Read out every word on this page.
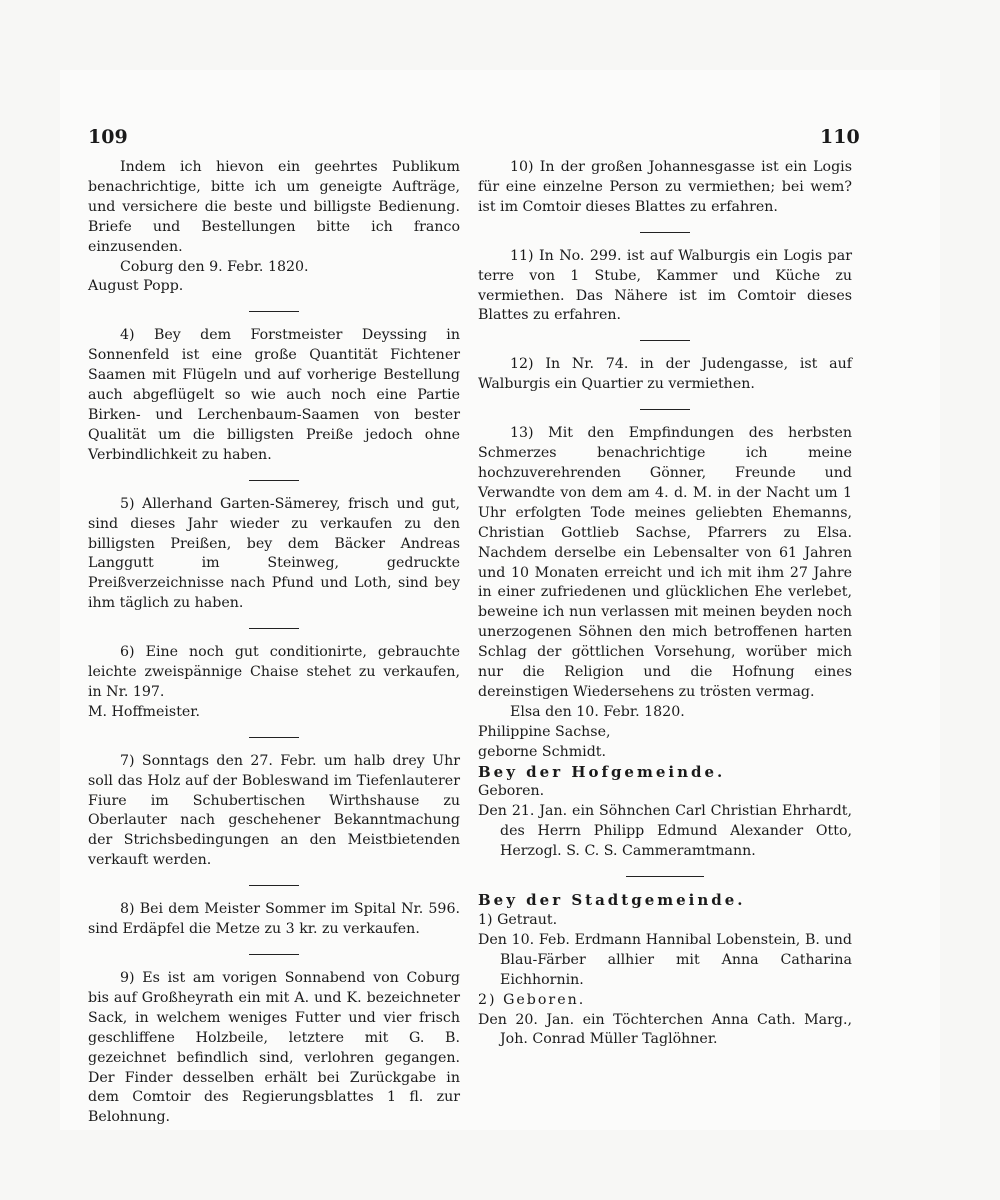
109	110

Indem ich hievon ein geehrtes Publikum benachrichtige, bitte ich um geneigte Aufträge, und versichere die beste und billigste Bedienung. Briefe und Bestellungen bitte ich franco einzusenden.

Coburg den 9. Febr. 1820.

August Popp.

4) Bey dem Forstmeister Deyssing in Sonnenfeld ist eine große Quantität Fichtener Saamen mit Flügeln und auf vorherige Bestellung auch abgeflügelt so wie auch noch eine Partie Birken- und Lerchenbaum-Saamen von bester Qualität um die billigsten Preiße jedoch ohne Verbindlichkeit zu haben.

5) Allerhand Garten-Sämerey, frisch und gut, sind dieses Jahr wieder zu verkaufen zu den billigsten Preißen, bey dem Bäcker Andreas Langgutt im Steinweg, gedruckte Preißverzeichnisse nach Pfund und Loth, sind bey ihm täglich zu haben.

6) Eine noch gut conditionirte, gebrauchte leichte zweispännige Chaise stehet zu verkaufen, in Nr. 197.

M. Hoffmeister.

7) Sonntags den 27. Febr. um halb drey Uhr soll das Holz auf der Bobleswand im Tiefenlauterer Fiure im Schubertischen Wirthshause zu Oberlauter nach geschehener Bekanntmachung der Strichsbedingungen an den Meistbietenden verkauft werden.

8) Bei dem Meister Sommer im Spital Nr. 596. sind Erdäpfel die Metze zu 3 kr. zu verkaufen.

9) Es ist am vorigen Sonnabend von Coburg bis auf Großheyrath ein mit A. und K. bezeichneter Sack, in welchem weniges Futter und vier frisch geschliffene Holzbeile, letztere mit G. B. gezeichnet befindlich sind, verlohren gegangen. Der Finder desselben erhält bei Zurückgabe in dem Comtoir des Regierungsblattes 1 fl. zur Belohnung.

10) In der großen Johannesgasse ist ein Logis für eine einzelne Person zu vermiethen; bei wem? ist im Comtoir dieses Blattes zu erfahren.

11) In No. 299. ist auf Walburgis ein Logis par terre von 1 Stube, Kammer und Küche zu vermiethen. Das Nähere ist im Comtoir dieses Blattes zu erfahren.

12) In Nr. 74. in der Judengasse, ist auf Walburgis ein Quartier zu vermiethen.

13) Mit den Empfindungen des herbsten Schmerzes benachrichtige ich meine hochzuverehrenden Gönner, Freunde und Verwandte von dem am 4. d. M. in der Nacht um 1 Uhr erfolgten Tode meines geliebten Ehemanns, Christian Gottlieb Sachse, Pfarrers zu Elsa. Nachdem derselbe ein Lebensalter von 61 Jahren und 10 Monaten erreicht und ich mit ihm 27 Jahre in einer zufriedenen und glücklichen Ehe verlebet, beweine ich nun verlassen mit meinen beyden noch unerzogenen Söhnen den mich betroffenen harten Schlag der göttlichen Vorsehung, worüber mich nur die Religion und die Hofnung eines dereinstigen Wiedersehens zu trösten vermag.

Elsa den 10. Febr. 1820.

Philippine Sachse,

geborne Schmidt.

Bey der Hofgemeinde.

Geboren.

Den 21. Jan. ein Söhnchen Carl Christian Ehrhardt, des Herrn Philipp Edmund Alexander Otto, Herzogl. S. C. S. Cammeramtmann.

Bey der Stadtgemeinde.

1) Getraut.

Den 10. Feb. Erdmann Hannibal Lobenstein, B. und Blau-Färber allhier mit Anna Catharina Eichhornin.

2) Geboren.

Den 20. Jan. ein Töchterchen Anna Cath. Marg., Joh. Conrad Müller Taglöhner.
